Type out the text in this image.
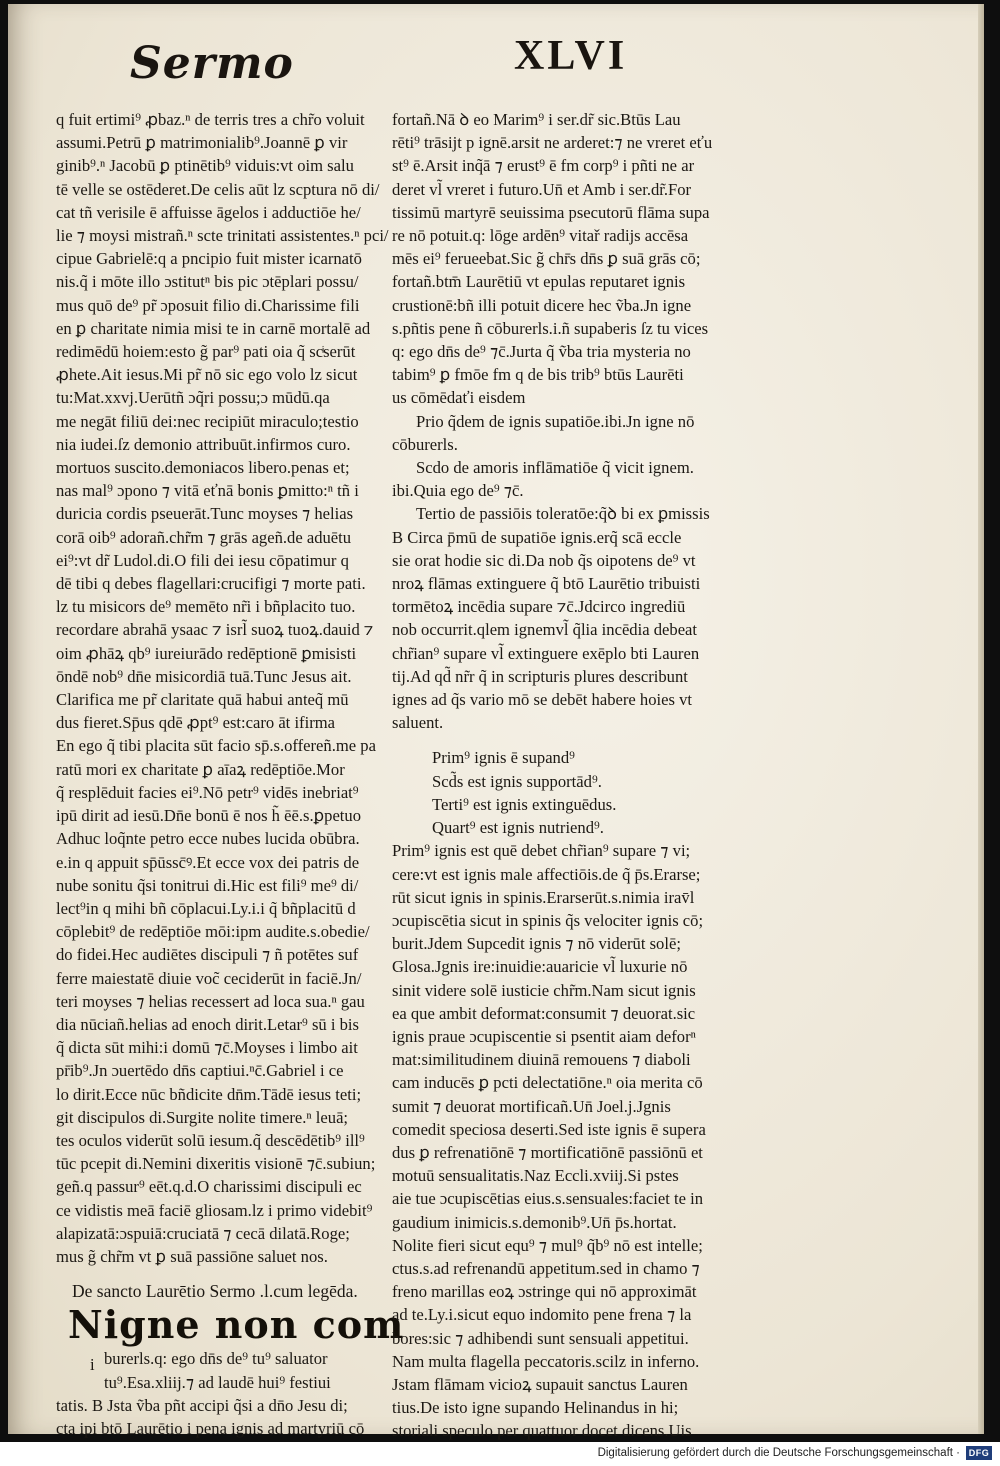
Sermo	XLVI
q fuit ertimi⁹ ꝓbaz.ⁿ de terris tres a chr̃o voluit
assumi.Petrū ꝑ matrimonialib⁹.Joannē ꝑ vir
ginib⁹.ⁿ Jacobū ꝑ ptinētib⁹ viduis:vt oim salu
tē velle se ostēderet.De celis aūt lz scptura nō di/
cat tñ verisile ē affuisse āgelos i adductiōe he/
lie ⁊ moysi mistrañ.ⁿ scte trinitati assistentes.ⁿ pci/
cipue Gabrielē:q a pncipio fuit mister icarnatō
nis.q̃ i mōte illo ɔstitutⁿ bis pic ɔtēplari possu/
mus quō de⁹ pr̃ ɔposuit filio di.Charissime fili
en ꝑ charitate nimia misi te in carnē mortalē ad
redimēdū hoiem:esto g̃ par⁹ pati oia q̃ scͥserūt
ꝓhete.Ait iesus.Mi pr̃ nō sic ego volo lz sicut
tu:Mat.xxvj.Uerūtñ ɔq̃ri possu;ɔ mūdū.qa
me negāt filiū dei:nec recipiūt miraculo;testio
nia iudei.ſz demonio attribuūt.infirmos curo.
mortuos suscito.demoniacos libero.penas et;
nas mal⁹ ɔpono ⁊ vitā eťnā bonis ꝑmitto:ⁿ tñ i
duricia cordis pseuerāt.Tunc moyses ⁊ helias
corā oib⁹ adorañ.chr̃m ⁊ grās ageñ.de aduētu
ei⁹:vt dr̃ Ludol.di.O fili dei iesu cōpatimur q
dē tibi q debes flagellari:crucifigi ⁊ morte pati.
lz tu misicors de⁹ memēto nr̃i i bñplacito tuo.
recordare abrahā ysaac ⁊ isrl̃ suoꝝ tuoꝝ.dauid ⁊
oim ꝓhāꝝ qb⁹ iureiurādo redēptionē ꝑmisisti
ōndē nob⁹ dn̄e misicordiā tuā.Tunc Jesus ait.
Clarifica me pr̃ claritate quā habui anteq̃ mū
dus fieret.Sp̄us qdē ꝓpt⁹ est:caro āt ifirma
En ego q̃ tibi placita sūt facio sp̄.s.offereñ.me pa
ratū mori ex charitate ꝑ aīaꝝ redēptiōe.Mor
q̃ resplēduit facies ei⁹.Nō petr⁹ vidēs inebriat⁹
ipū dirit ad iesū.Dn̄e bonū ē nos h̃ ēē.s.ꝑpetuo
Adhuc loq̃nte petro ecce nubes lucida obūbra.
e.in q appuit sp̄ūssc̄ꝰ.Et ecce vox dei patris de
nube sonitu q̃si tonitrui di.Hic est fili⁹ me⁹ di/
lect⁹in q mihi bñ cōplacui.Ly.i.i q̃ bñplacitū d
cōplebit⁹ de redēptiōe mōi:ipm audite.s.obedie/
do fidei.Hec audiētes discipuli ⁊ ñ potētes suf
ferre maiestatē diuie voc̃ ceciderūt in faciē.Jn/
teri moyses ⁊ helias recessert ad loca sua.ⁿ gau
dia nūciañ.helias ad enoch dirit.Letar⁹ sū i bis
q̃ dicta sūt mihi:i domū ⁊c̄.Moyses i limbo ait
pr̄ib⁹.Jn ɔuertēdo dn̄s captiui.ⁿc̄.Gabriel i ce
lo dirit.Ecce nūc bñdicite dn̄m.Tādē iesus teti;
git discipulos di.Surgite nolite timere.ⁿ leuā;
tes oculos viderūt solū iesum.q̃ descēdētib⁹ ill⁹
tūc pcepit di.Nemini dixeritis visionē ⁊c̄.subiun;
geñ.q passur⁹ eēt.q.d.O charissimi discipuli ec
ce vidistis meā faciē gliosam.lz i primo videbit⁹
alapizatā:ɔspuiā:cruciatā ⁊ cecā dilatā.Roge;
mus g̃ chr̃m vt ꝑ suā passiōne saluet nos.
De sancto Laurētio Sermo .l.cum legēda.
Nigne non com
i burerls.q: ego dn̄s de⁹ tu⁹ saluator
tu⁹.Esa.xliij.⁊ ad laudē hui⁹ festiui
tatis. B Jsta ṽba pñt accipi q̃si a dn̄o Jesu di;
cta ipi btō Laurētio i pena ignis ad martyriū cō
fortañ.Nā ꝺ eo Marim⁹ i ser.dr̃ sic.Btūs Lau
rēti⁹ trāsijt p ignē.arsit ne arderet:⁊ ne vreret eťu
st⁹ ē.Arsit inq̃ā ⁊ erust⁹ ē fm corp⁹ i pñti ne ar
deret vl̃ vreret i futuro.Un̄ et Amb i ser.dr̃.For
tissimū martyrē seuissima psecutorū flāma supa
re nō potuit.q: lōge ardēn⁹ vitař radijs accēsa
mēs ei⁹ ferueebat.Sic g̃ chr̄s dn̄s ꝑ suā grās cō;
fortañ.btm̄ Laurētiū vt epulas reputaret ignis
crustionē:bñ illi potuit dicere hec ṽba.Jn igne
s.pñtis pene ñ cōburerls.i.ñ supaberis ſz tu vices
q: ego dn̄s de⁹ ⁊c̄.Jurta q̃ ṽba tria mysteria no
tabim⁹ ꝑ fmōe fm q de bis trib⁹ btūs Laurēti
us cōmēdaťi eisdem
Prio q̃dem de ignis supatiōe.ibi.Jn igne nō
cōburerls.
Scdo de amoris inflāmatiōe q̃ vicit ignem.
ibi.Quia ego de⁹ ⁊c̄.
Tertio de passiōis toleratōe:q̃ꝺ bi ex ꝑmissis
B Circa p̄mū de supatiōe ignis.erq̃ scā eccle
sie orat hodie sic di.Da nob q̃s oipotens de⁹ vt
nroꝝ flāmas extinguere q̃ btō Laurētio tribuisti
tormētoꝝ incēdia supare ⁊c̄.Jdcirco ingrediū
nob occurrit.qlem ignemvl̃ q̃lia incēdia debeat
chr̃ian⁹ supare vl̃ extinguere exēplo bti Lauren
tij.Ad qd̃ nr̃r q̃ in scripturis plures describunt
ignes ad q̃s vario mō se debēt habere hoies vt
saluent.
Prim⁹ ignis ē supand⁹
Scd̃s est ignis supportād⁹.
Terti⁹ est ignis extinguēdus.
Quart⁹ est ignis nutriend⁹.
Prim⁹ ignis est quē debet chr̃ian⁹ supare ⁊ vi;
cere:vt est ignis male affectiōis.de q̃ p̄s.Erarse;
rūt sicut ignis in spinis.Erarserūt.s.nimia irav̄l
ɔcupiscētia sicut in spinis q̃s velociter ignis cō;
burit.Jdem Supcedit ignis ⁊ nō viderūt solē;
Glosa.Jgnis ire:inuidie:auaricie vl̃ luxurie nō
sinit videre solē iusticie chr̃m.Nam sicut ignis
ea que ambit deformat:consumit ⁊ deuorat.sic
ignis praue ɔcupiscentie si psentit aiam deforⁿ
mat:similitudinem diuinā remouens ⁊ diaboli
cam inducēs ꝑ pcti delectatiōne.ⁿ oia merita cō
sumit ⁊ deuorat mortificañ.Un̄ Joel.j.Jgnis
comedit speciosa deserti.Sed iste ignis ē supera
dus ꝑ refrenatiōnē ⁊ mortificatiōnē passiōnū et
motuū sensualitatis.Naz Eccli.xviij.Si pstes
aie tue ɔcupiscētias eius.s.sensuales:faciet te in
gaudium inimicis.s.demonib⁹.Un̄ p̄s.hortat.
Nolite fieri sicut equ⁹ ⁊ mul⁹ q̃b⁹ nō est intelle;
ctus.s.ad refrenandū appetitum.sed in chamo ⁊
freno marillas eoꝝ ɔstringe qui nō approximāt
ad te.Ly.i.sicut equo indomito pene frena ⁊ la
bores:sic ⁊ adhibendi sunt sensuali appetitui.
Nam multa flagella peccatoris.scilz in inferno.
Jstam flāmam vicioꝝ supauit sanctus Lauren
tius.De isto igne supando Helinandus in hi;
storiali speculo per quattuor docet dicens.Uis
Digitalisierung gefördert durch die Deutsche Forschungsgemeinschaft · DFG
